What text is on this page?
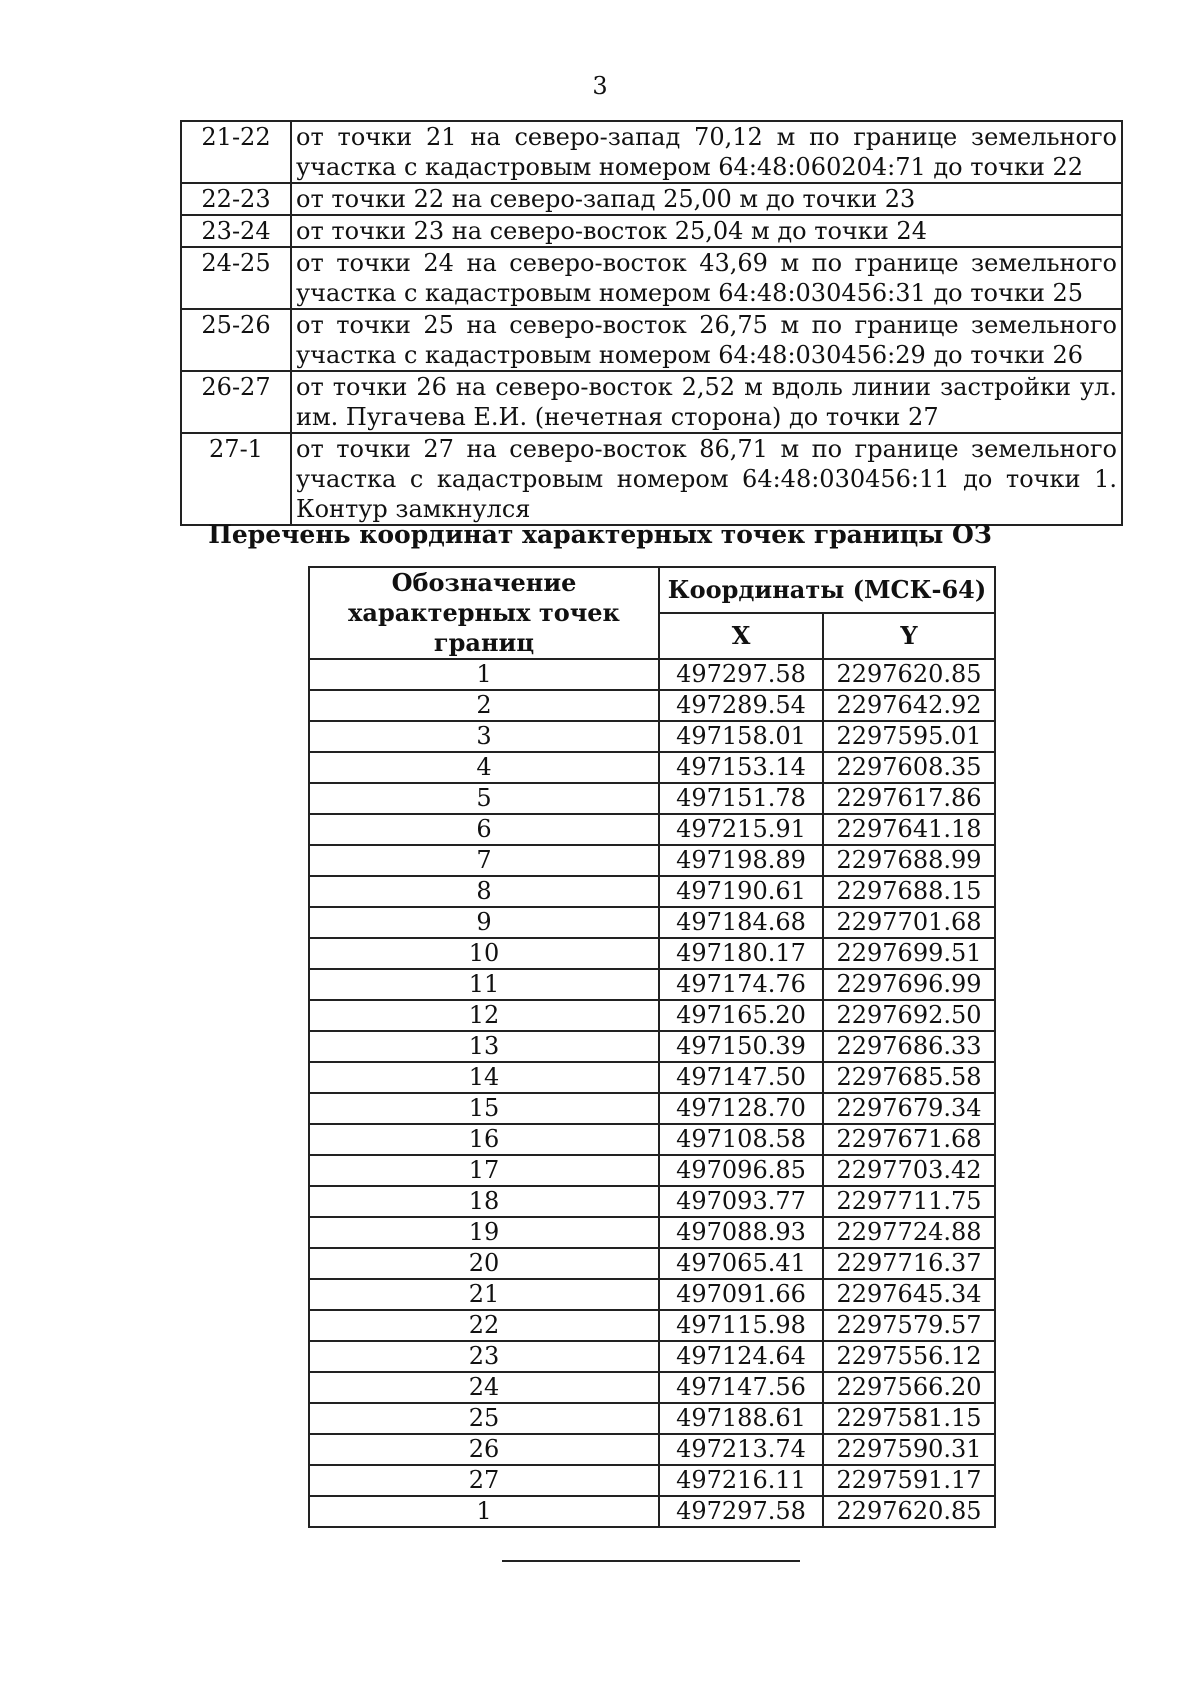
3
21-22	от точки 21 на северо-запад 70,12 м по границе земельного участка с кадастровым номером 64:48:060204:71 до точки 22
22-23	от точки 22 на северо-запад 25,00 м до точки 23
23-24	от точки 23 на северо-восток 25,04 м до точки 24
24-25	от точки 24 на северо-восток 43,69 м по границе земельного участка с кадастровым номером 64:48:030456:31 до точки 25
25-26	от точки 25 на северо-восток 26,75 м по границе земельного участка с кадастровым номером 64:48:030456:29 до точки 26
26-27	от точки 26 на северо-восток 2,52 м вдоль линии застройки ул. им. Пугачева Е.И. (нечетная сторона) до точки 27
27-1	от точки 27 на северо-восток 86,71 м по границе земельного участка с кадастровым номером 64:48:030456:11 до точки 1. Контур замкнулся
Перечень координат характерных точек границы ОЗ
Обозначение характерных точек границ	Координаты (МСК-64)	
	X	Y
1	497297.58	2297620.85
2	497289.54	2297642.92
3	497158.01	2297595.01
4	497153.14	2297608.35
5	497151.78	2297617.86
6	497215.91	2297641.18
7	497198.89	2297688.99
8	497190.61	2297688.15
9	497184.68	2297701.68
10	497180.17	2297699.51
11	497174.76	2297696.99
12	497165.20	2297692.50
13	497150.39	2297686.33
14	497147.50	2297685.58
15	497128.70	2297679.34
16	497108.58	2297671.68
17	497096.85	2297703.42
18	497093.77	2297711.75
19	497088.93	2297724.88
20	497065.41	2297716.37
21	497091.66	2297645.34
22	497115.98	2297579.57
23	497124.64	2297556.12
24	497147.56	2297566.20
25	497188.61	2297581.15
26	497213.74	2297590.31
27	497216.11	2297591.17
1	497297.58	2297620.85
